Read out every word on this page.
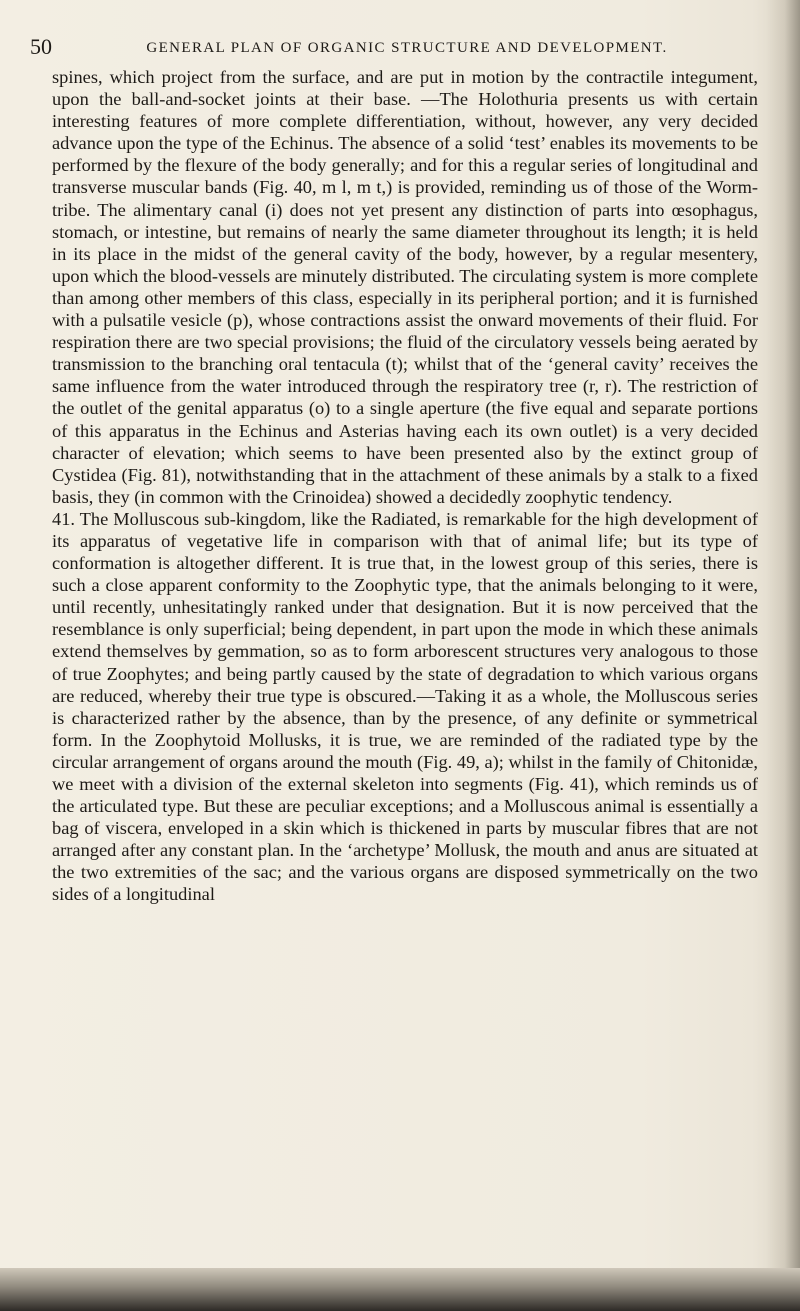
50	GENERAL PLAN OF ORGANIC STRUCTURE AND DEVELOPMENT.

spines, which project from the surface, and are put in motion by the contractile integument, upon the ball-and-socket joints at their base. —The Holothuria presents us with certain interesting features of more complete differentiation, without, however, any very decided advance upon the type of the Echinus. The absence of a solid ‘test’ enables its movements to be performed by the flexure of the body generally; and for this a regular series of longitudinal and transverse muscular bands (Fig. 40, m l, m t,) is provided, reminding us of those of the Worm-tribe. The alimentary canal (i) does not yet present any distinction of parts into œsophagus, stomach, or intestine, but remains of nearly the same diameter throughout its length; it is held in its place in the midst of the general cavity of the body, however, by a regular mesentery, upon which the blood-vessels are minutely distributed. The circulating system is more complete than among other members of this class, especially in its peripheral portion; and it is furnished with a pulsatile vesicle (p), whose contractions assist the onward movements of their fluid. For respiration there are two special provisions; the fluid of the circulatory vessels being aerated by transmission to the branching oral tentacula (t); whilst that of the ‘general cavity’ receives the same influence from the water introduced through the respiratory tree (r, r). The restriction of the outlet of the genital apparatus (o) to a single aperture (the five equal and separate portions of this apparatus in the Echinus and Asterias having each its own outlet) is a very decided character of elevation; which seems to have been presented also by the extinct group of Cystidea (Fig. 81), notwithstanding that in the attachment of these animals by a stalk to a fixed basis, they (in common with the Crinoidea) showed a decidedly zoophytic tendency.

41. The Molluscous sub-kingdom, like the Radiated, is remarkable for the high development of its apparatus of vegetative life in comparison with that of animal life; but its type of conformation is altogether different. It is true that, in the lowest group of this series, there is such a close apparent conformity to the Zoophytic type, that the animals belonging to it were, until recently, unhesitatingly ranked under that designation. But it is now perceived that the resemblance is only superficial; being dependent, in part upon the mode in which these animals extend themselves by gemmation, so as to form arborescent structures very analogous to those of true Zoophytes; and being partly caused by the state of degradation to which various organs are reduced, whereby their true type is obscured.—Taking it as a whole, the Molluscous series is characterized rather by the absence, than by the presence, of any definite or symmetrical form. In the Zoophytoid Mollusks, it is true, we are reminded of the radiated type by the circular arrangement of organs around the mouth (Fig. 49, a); whilst in the family of Chitonidæ, we meet with a division of the external skeleton into segments (Fig. 41), which reminds us of the articulated type. But these are peculiar exceptions; and a Molluscous animal is essentially a bag of viscera, enveloped in a skin which is thickened in parts by muscular fibres that are not arranged after any constant plan. In the ‘archetype’ Mollusk, the mouth and anus are situated at the two extremities of the sac; and the various organs are disposed symmetrically on the two sides of a longitudinal
